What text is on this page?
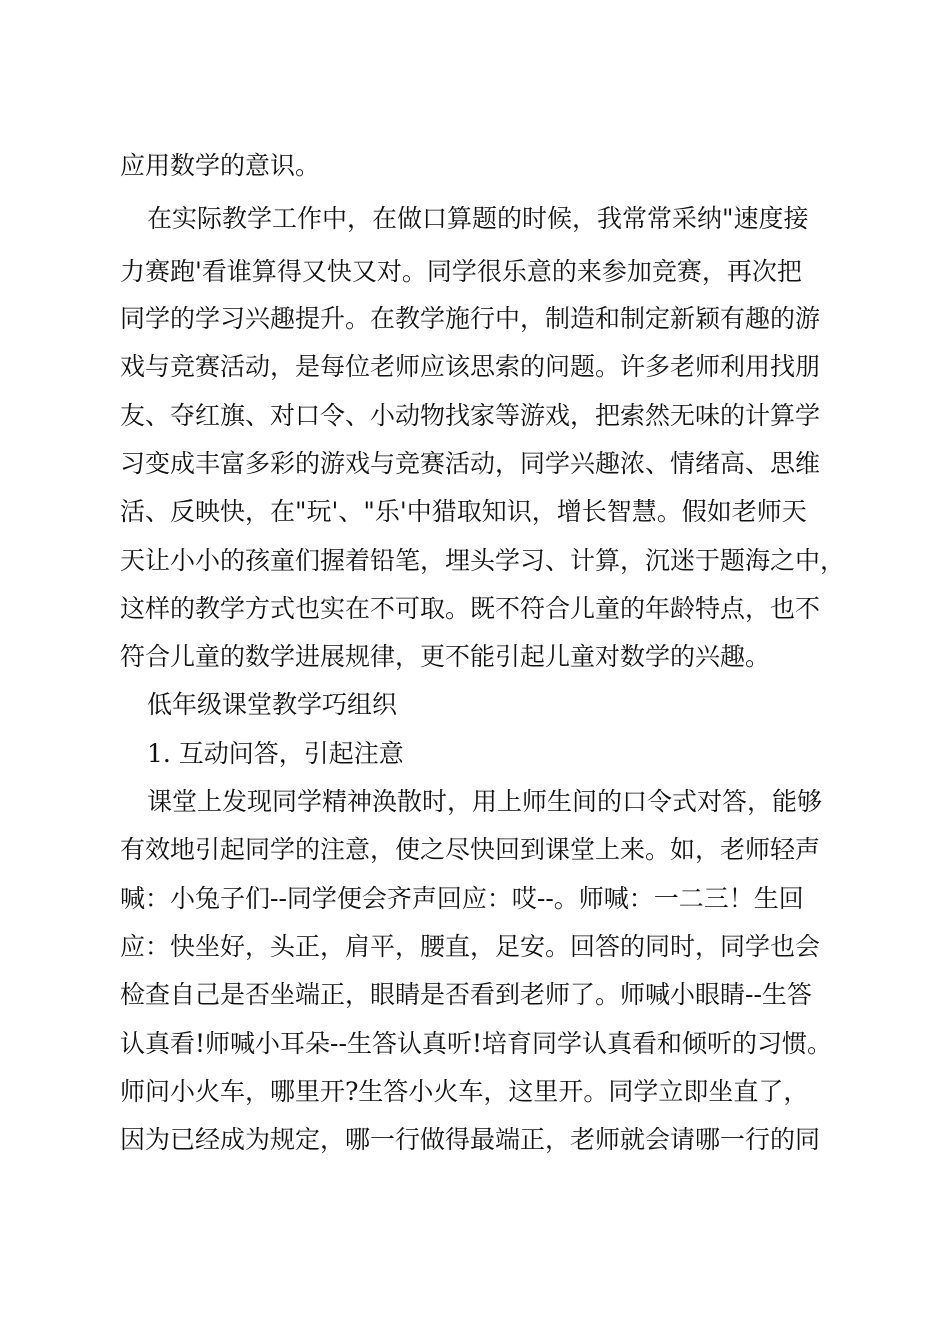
应用数学的意识。
在实际教学工作中，在做口算题的时候，我常常采纳"速度接
力赛跑'看谁算得又快又对。同学很乐意的来参加竞赛，再次把
同学的学习兴趣提升。在教学施行中，制造和制定新颖有趣的游
戏与竞赛活动，是每位老师应该思索的问题。许多老师利用找朋
友、夺红旗、对口令、小动物找家等游戏，把索然无味的计算学
习变成丰富多彩的游戏与竞赛活动，同学兴趣浓、情绪高、思维
活、反映快，在"玩'、"乐'中猎取知识，增长智慧。假如老师天
天让小小的孩童们握着铅笔，埋头学习、计算，沉迷于题海之中，
这样的教学方式也实在不可取。既不符合儿童的年龄特点，也不
符合儿童的数学进展规律，更不能引起儿童对数学的兴趣。
低年级课堂教学巧组织
1. 互动问答，引起注意
课堂上发现同学精神涣散时，用上师生间的口令式对答，能够
有效地引起同学的注意，使之尽快回到课堂上来。如，老师轻声
喊：小兔子们--同学便会齐声回应：哎--。师喊：一二三！生回
应：快坐好，头正，肩平，腰直，足安。回答的同时，同学也会
检查自己是否坐端正，眼睛是否看到老师了。师喊小眼睛--生答
认真看!师喊小耳朵--生答认真听!培育同学认真看和倾听的习惯。
师问小火车，哪里开?生答小火车，这里开。同学立即坐直了，
因为已经成为规定，哪一行做得最端正，老师就会请哪一行的同
